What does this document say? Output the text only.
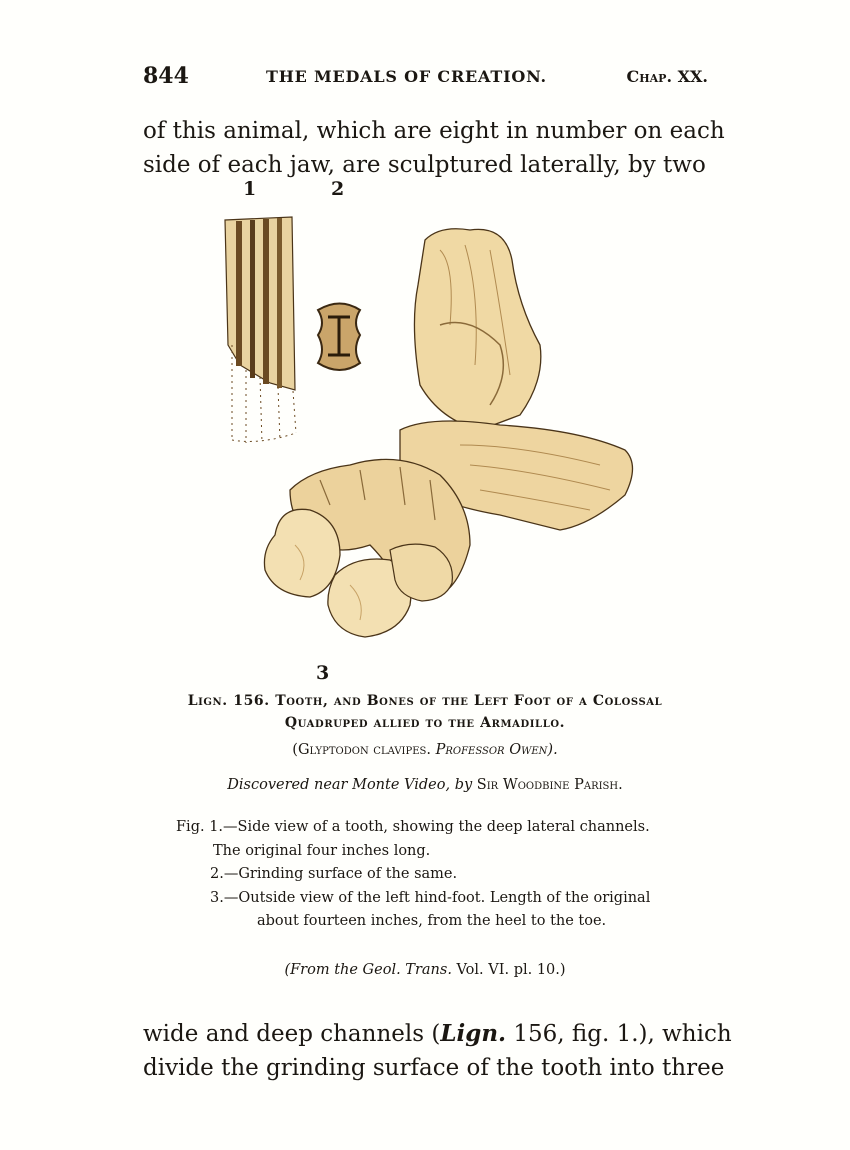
844	THE MEDALS OF CREATION.	Chap. XX.
of this animal, which are eight in number on each
side of each jaw, are sculptured laterally, by two
1	2
3
Lign. 156. Tooth, and Bones of the Left Foot of a Colossal
Quadruped allied to the Armadillo.
(Glyptodon clavipes. Professor Owen).
Discovered near Monte Video, by Sir Woodbine Parish.
Fig. 1.—Side view of a tooth, showing the deep lateral channels. The original four inches long.
2.—Grinding surface of the same.
3.—Outside view of the left hind-foot. Length of the original about fourteen inches, from the heel to the toe.
(From the Geol. Trans. Vol. VI. pl. 10.)
wide and deep channels (Lign. 156, fig. 1.), which
divide the grinding surface of the tooth into three
